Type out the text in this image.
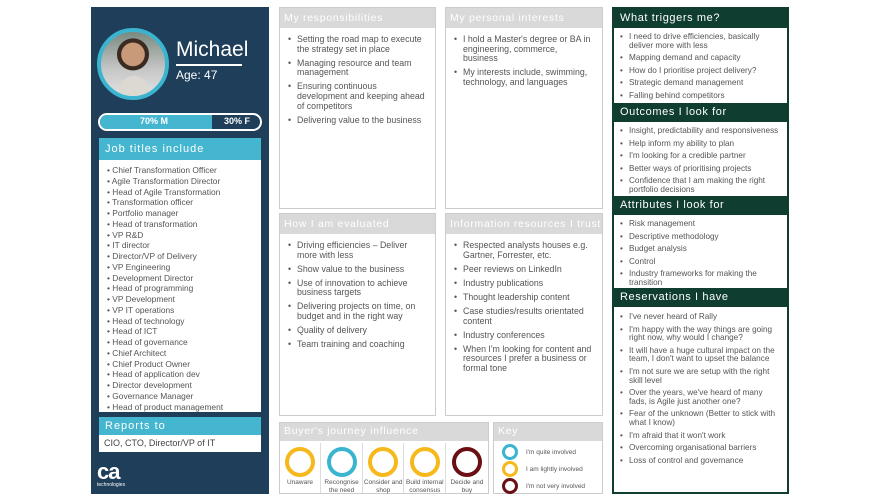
Michael
Age: 47
70% M	30% F
Job titles include
• Chief Transformation Officer
• Agile Transformation Director
• Head of Agile Transformation
• Transformation officer
• Portfolio manager
• Head of transformation
• VP R&D
• IT director
• Director/VP of Delivery
• VP Engineering
• Development Director
• Head of programming
• VP Development
• VP IT operations
• Head of technology
• Head of ICT
• Head of governance
• Chief Architect
• Chief Product Owner
• Head of application dev
• Director development
• Governance Manager
• Head of product management
Reports to
CIO, CTO, Director/VP of IT
ca
technologies
My responsibilities
• Setting the road map to execute the strategy set in place
• Managing resource and team management
• Ensuring continuous development and keeping ahead of competitors
• Delivering value to the business
My personal interests
• I hold a Master's degree or BA in engineering, commerce, business
• My interests include, swimming, technology, and languages
How I am evaluated
• Driving efficiencies – Deliver more with less
• Show value to the business
• Use of innovation to achieve business targets
• Delivering projects on time, on budget and in the right way
• Quality of delivery
• Team training and coaching
Information resources I trust
• Respected analysts houses e.g. Gartner, Forrester, etc.
• Peer reviews on LinkedIn
• Industry publications
• Thought leadership content
• Case studies/results orientated content
• Industry conferences
• When I'm looking for content and resources I prefer a business or formal tone
Buyer's journey influence
Unaware	Recongnise the need
Consider and shop
Build internal consensus
Decide and buy
Key
I'm quite involved
I am lightly involved
I'm not very involved
What triggers me?
• I need to drive efficiencies, basically deliver more with less
• Mapping demand and capacity
• How do I prioritise project delivery?
• Strategic demand management
• Falling behind competitors
Outcomes I look for
• Insight, predictability and responsiveness
• Help inform my ability to plan
• I'm looking for a credible partner
• Better ways of prioritising projects
• Confidence that I am making the right portfolio decisions
Attributes I look for
• Risk management
• Descriptive methodology
• Budget analysis
• Control
• Industry frameworks for making the transition
Reservations I have
• I've never heard of Rally
• I'm happy with the way things are going right now, why would I change?
• It will have a huge cultural impact on the team, I don't want to upset the balance
• I'm not sure we are setup with the right skill level
• Over the years, we've heard of many fads, is Agile just another one?
• Fear of the unknown (Better to stick with what I know)
• I'm afraid that it won't work
• Overcoming organisational barriers
• Loss of control and governance
